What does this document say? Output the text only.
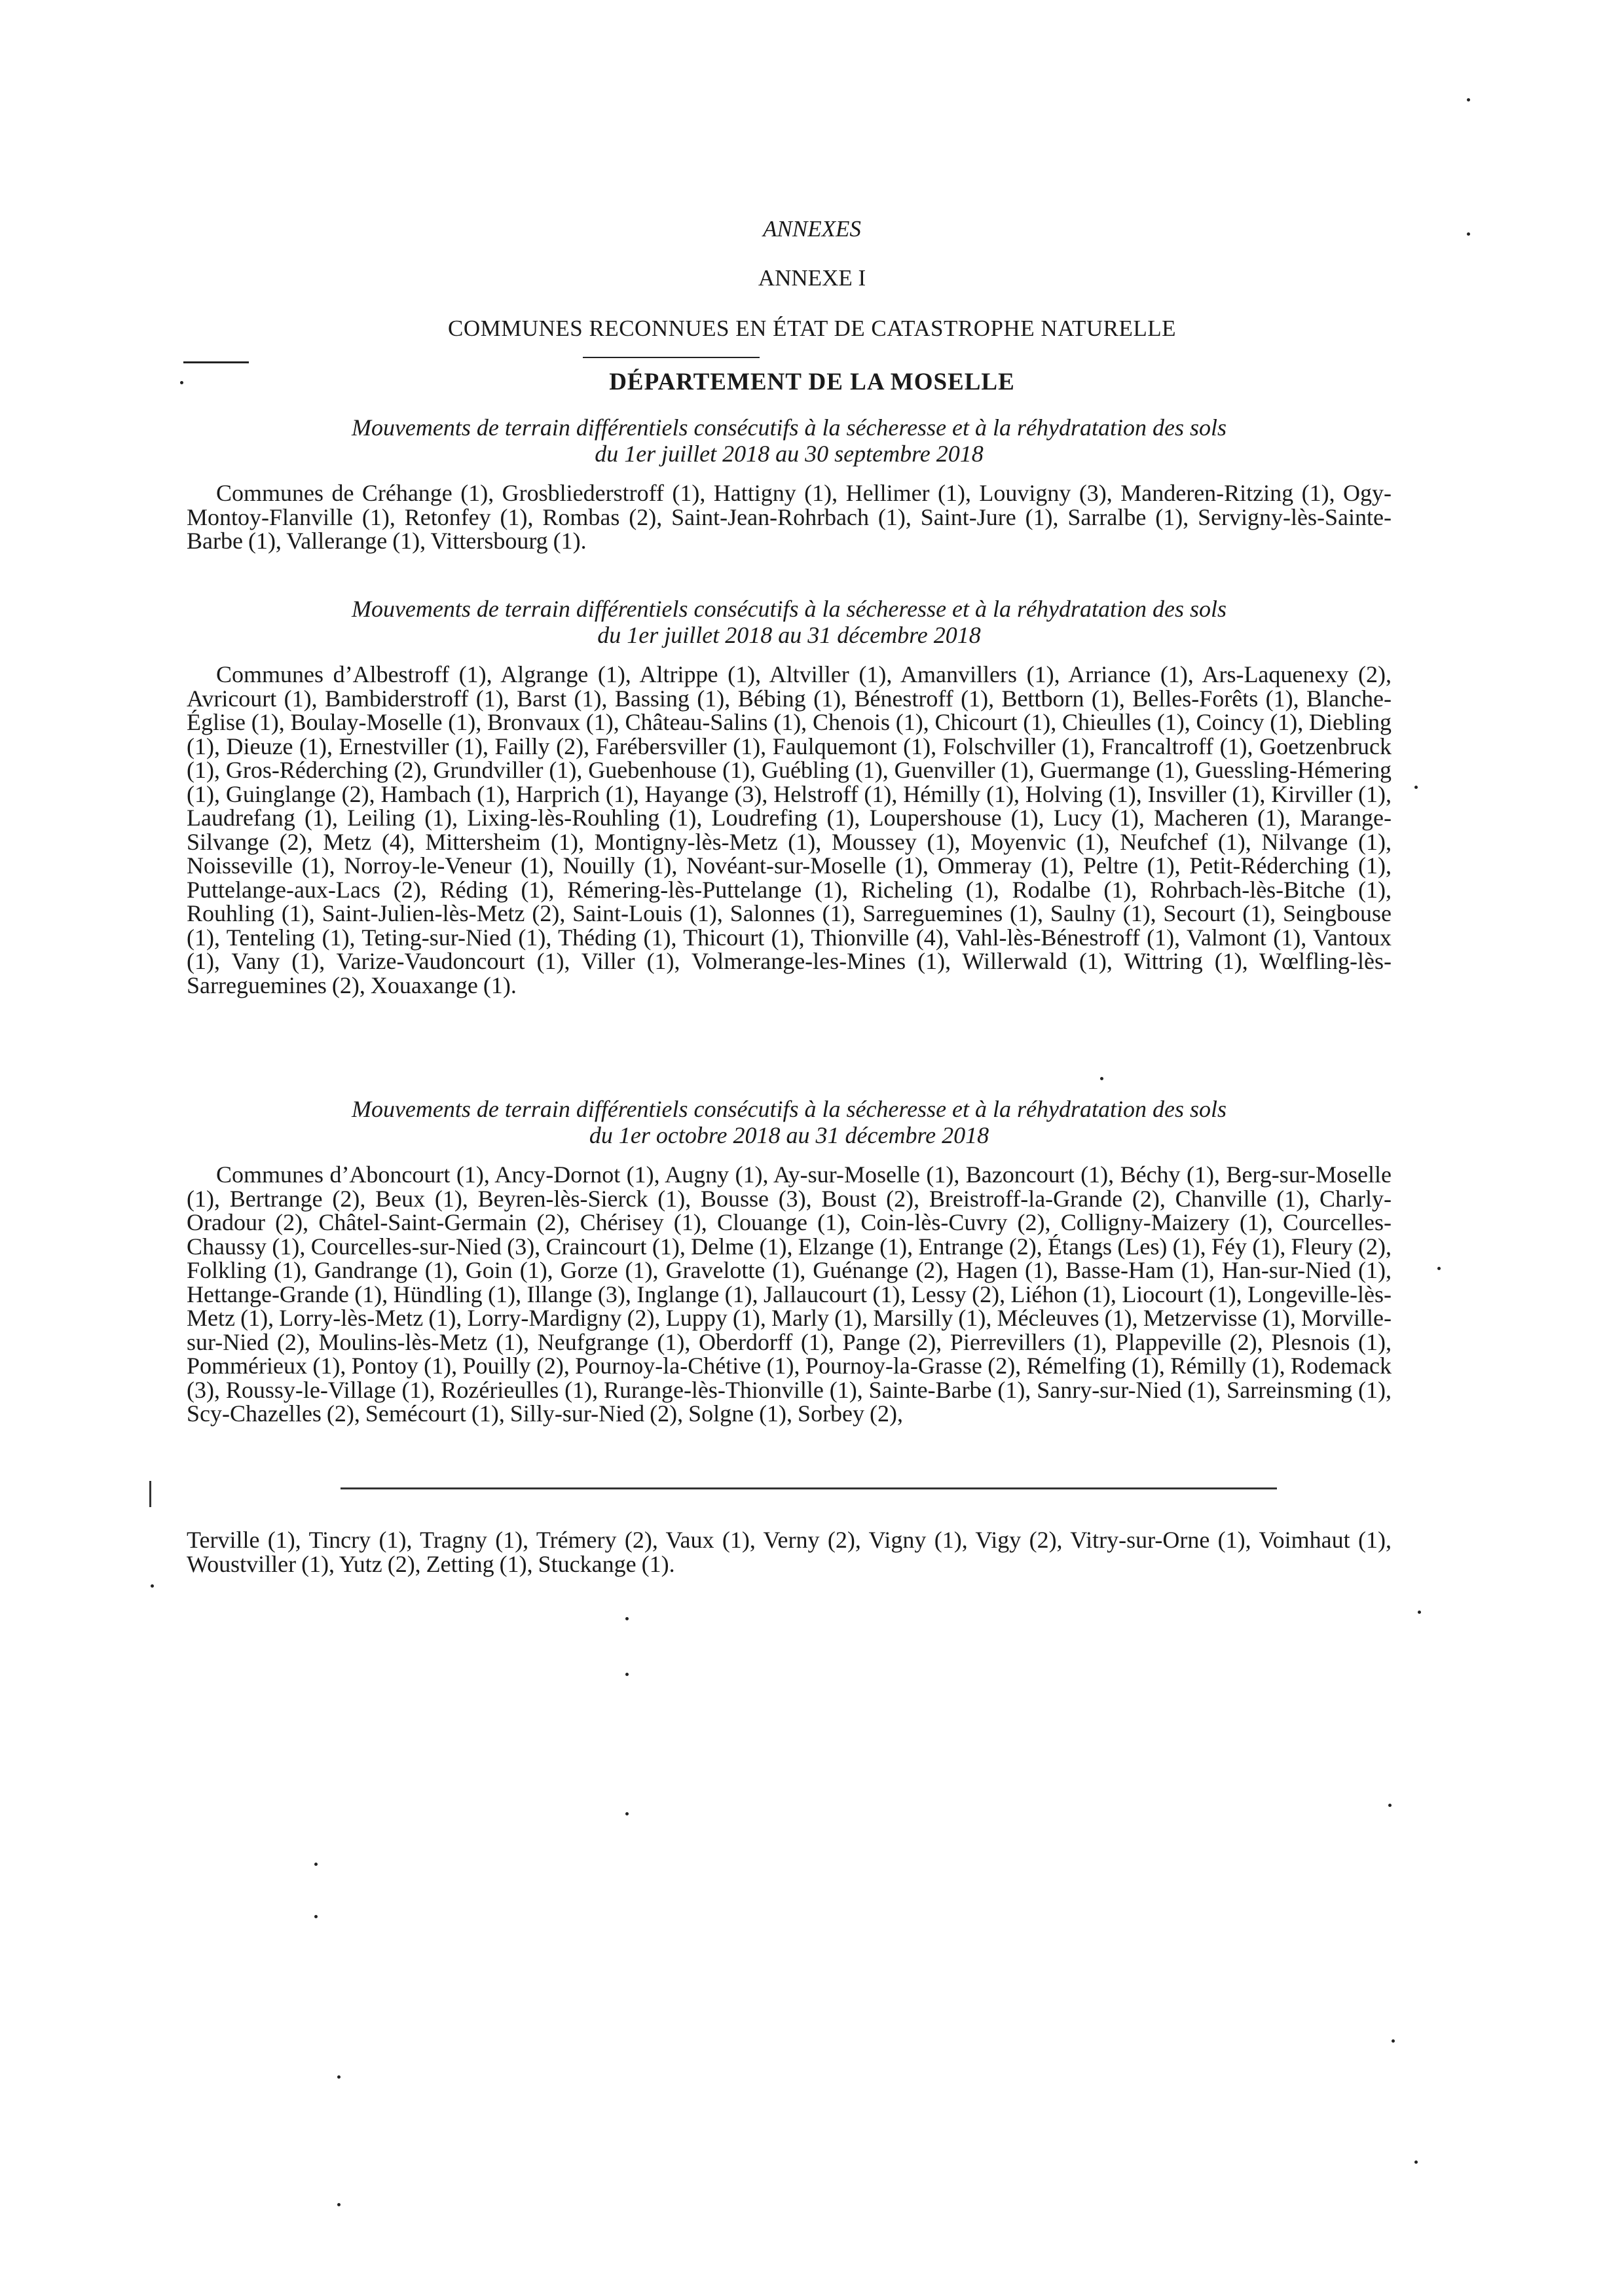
ANNEXES
ANNEXE I
COMMUNES RECONNUES EN ÉTAT DE CATASTROPHE NATURELLE
DÉPARTEMENT DE LA MOSELLE
Mouvements de terrain différentiels consécutifs à la sécheresse et à la réhydratation des sols
du 1er juillet 2018 au 30 septembre 2018
Communes de Créhange (1), Grosbliederstroff (1), Hattigny (1), Hellimer (1), Louvigny (3), Manderen-Ritzing (1), Ogy-Montoy-Flanville (1), Retonfey (1), Rombas (2), Saint-Jean-Rohrbach (1), Saint-Jure (1), Sarralbe (1), Servigny-lès-Sainte-Barbe (1), Vallerange (1), Vittersbourg (1).
Mouvements de terrain différentiels consécutifs à la sécheresse et à la réhydratation des sols
du 1er juillet 2018 au 31 décembre 2018
Communes d’Albestroff (1), Algrange (1), Altrippe (1), Altviller (1), Amanvillers (1), Arriance (1), Ars-Laquenexy (2), Avricourt (1), Bambiderstroff (1), Barst (1), Bassing (1), Bébing (1), Bénestroff (1), Bettborn (1), Belles-Forêts (1), Blanche-Église (1), Boulay-Moselle (1), Bronvaux (1), Château-Salins (1), Chenois (1), Chicourt (1), Chieulles (1), Coincy (1), Diebling (1), Dieuze (1), Ernestviller (1), Failly (2), Farébersviller (1), Faulquemont (1), Folschviller (1), Francaltroff (1), Goetzenbruck (1), Gros-Réderching (2), Grundviller (1), Guebenhouse (1), Guébling (1), Guenviller (1), Guermange (1), Guessling-Hémering (1), Guinglange (2), Hambach (1), Harprich (1), Hayange (3), Helstroff (1), Hémilly (1), Holving (1), Insviller (1), Kirviller (1), Laudrefang (1), Leiling (1), Lixing-lès-Rouhling (1), Loudrefing (1), Loupershouse (1), Lucy (1), Macheren (1), Marange-Silvange (2), Metz (4), Mittersheim (1), Montigny-lès-Metz (1), Moussey (1), Moyenvic (1), Neufchef (1), Nilvange (1), Noisseville (1), Norroy-le-Veneur (1), Nouilly (1), Novéant-sur-Moselle (1), Ommeray (1), Peltre (1), Petit-Réderching (1), Puttelange-aux-Lacs (2), Réding (1), Rémering-lès-Puttelange (1), Richeling (1), Rodalbe (1), Rohrbach-lès-Bitche (1), Rouhling (1), Saint-Julien-lès-Metz (2), Saint-Louis (1), Salonnes (1), Sarreguemines (1), Saulny (1), Secourt (1), Seingbouse (1), Tenteling (1), Teting-sur-Nied (1), Théding (1), Thicourt (1), Thionville (4), Vahl-lès-Bénestroff (1), Valmont (1), Vantoux (1), Vany (1), Varize-Vaudoncourt (1), Viller (1), Volmerange-les-Mines (1), Willerwald (1), Wittring (1), Wœlfling-lès-Sarreguemines (2), Xouaxange (1).
Mouvements de terrain différentiels consécutifs à la sécheresse et à la réhydratation des sols
du 1er octobre 2018 au 31 décembre 2018
Communes d’Aboncourt (1), Ancy-Dornot (1), Augny (1), Ay-sur-Moselle (1), Bazoncourt (1), Béchy (1), Berg-sur-Moselle (1), Bertrange (2), Beux (1), Beyren-lès-Sierck (1), Bousse (3), Boust (2), Breistroff-la-Grande (2), Chanville (1), Charly-Oradour (2), Châtel-Saint-Germain (2), Chérisey (1), Clouange (1), Coin-lès-Cuvry (2), Colligny-Maizery (1), Courcelles-Chaussy (1), Courcelles-sur-Nied (3), Craincourt (1), Delme (1), Elzange (1), Entrange (2), Étangs (Les) (1), Féy (1), Fleury (2), Folkling (1), Gandrange (1), Goin (1), Gorze (1), Gravelotte (1), Guénange (2), Hagen (1), Basse-Ham (1), Han-sur-Nied (1), Hettange-Grande (1), Hündling (1), Illange (3), Inglange (1), Jallaucourt (1), Lessy (2), Liéhon (1), Liocourt (1), Longeville-lès-Metz (1), Lorry-lès-Metz (1), Lorry-Mardigny (2), Luppy (1), Marly (1), Marsilly (1), Mécleuves (1), Metzervisse (1), Morville-sur-Nied (2), Moulins-lès-Metz (1), Neufgrange (1), Oberdorff (1), Pange (2), Pierrevillers (1), Plappeville (2), Plesnois (1), Pommérieux (1), Pontoy (1), Pouilly (2), Pournoy-la-Chétive (1), Pournoy-la-Grasse (2), Rémelfing (1), Rémilly (1), Rodemack (3), Roussy-le-Village (1), Rozérieulles (1), Rurange-lès-Thionville (1), Sainte-Barbe (1), Sanry-sur-Nied (1), Sarreinsming (1), Scy-Chazelles (2), Semécourt (1), Silly-sur-Nied (2), Solgne (1), Sorbey (2),
Terville (1), Tincry (1), Tragny (1), Trémery (2), Vaux (1), Verny (2), Vigny (1), Vigy (2), Vitry-sur-Orne (1), Voimhaut (1), Woustviller (1), Yutz (2), Zetting (1), Stuckange (1).
